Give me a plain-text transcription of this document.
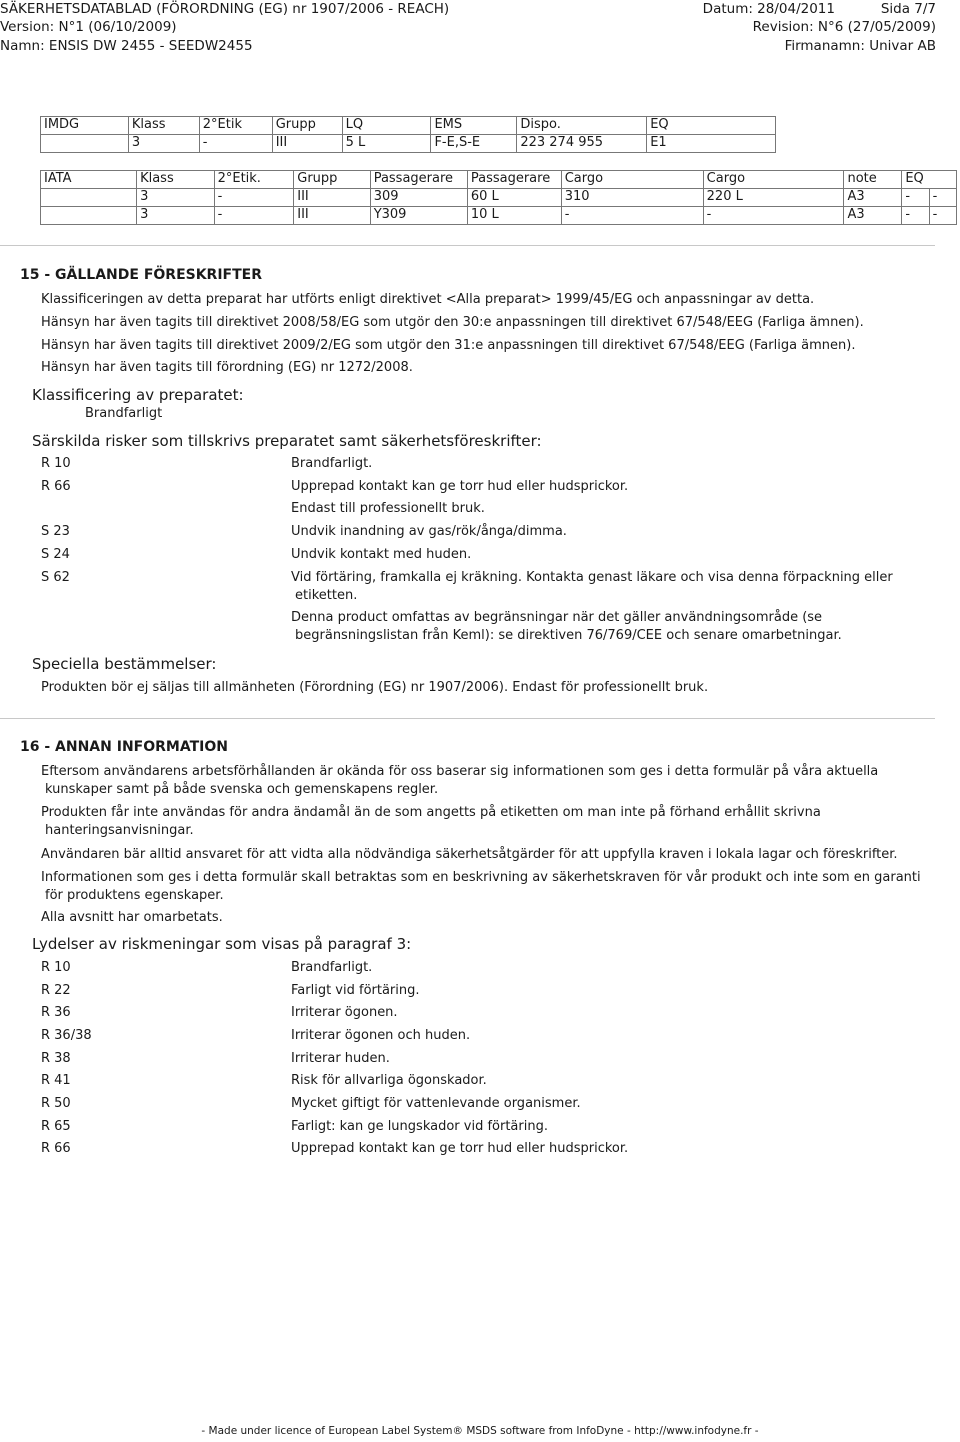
SÄKERHETSDATABLAD (FÖRORDNING (EG) nr 1907/2006 - REACH)	Datum: 28/04/2011	Sida 7/7
Version: N°1 (06/10/2009)	Revision: N°6 (27/05/2009)
Namn: ENSIS DW 2455 - SEEDW2455	Firmanamn: Univar AB
IMDG	Klass	2°Etik	Grupp	LQ	EMS	Dispo.	EQ
	3	-	III	5 L	F-E,S-E	223 274 955	E1
IATA	Klass	2°Etik.	Grupp	Passagerare	Passagerare	Cargo	Cargo	note	EQ	
	3	-	III	309	60 L	310	220 L	A3	-	-
	3	-	III	Y309	10 L	-	-	A3	-	-
15 - GÄLLANDE FÖRESKRIFTER
Klassificeringen av detta preparat har utförts enligt direktivet <Alla preparat> 1999/45/EG och anpassningar av detta.
Hänsyn har även tagits till direktivet 2008/58/EG som utgör den 30:e anpassningen till direktivet 67/548/EEG (Farliga ämnen).
Hänsyn har även tagits till direktivet 2009/2/EG som utgör den 31:e anpassningen till direktivet 67/548/EEG (Farliga ämnen).
Hänsyn har även tagits till förordning (EG) nr 1272/2008.
Klassificering av preparatet:
Brandfarligt
Särskilda risker som tillskrivs preparatet samt säkerhetsföreskrifter:
R 10	Brandfarligt.
R 66	Upprepad kontakt kan ge torr hud eller hudsprickor.
Endast till professionellt bruk.
S 23	Undvik inandning av gas/rök/ånga/dimma.
S 24	Undvik kontakt med huden.
S 62	Vid förtäring, framkalla ej kräkning. Kontakta genast läkare och visa denna förpackning eller
etiketten.
Denna product omfattas av begränsningar när det gäller användningsområde (se
begränsningslistan från Keml): se direktiven 76/769/CEE och senare omarbetningar.
Speciella bestämmelser:
Produkten bör ej säljas till allmänheten (Förordning (EG) nr 1907/2006). Endast för professionellt bruk.
16 - ANNAN INFORMATION
Eftersom användarens arbetsförhållanden är okända för oss baserar sig informationen som ges i detta formulär på våra aktuella
kunskaper samt på både svenska och gemenskapens regler.
Produkten får inte användas för andra ändamål än de som angetts på etiketten om man inte på förhand erhållit skrivna
hanteringsanvisningar.
Användaren bär alltid ansvaret för att vidta alla nödvändiga säkerhetsåtgärder för att uppfylla kraven i lokala lagar och föreskrifter.
Informationen som ges i detta formulär skall betraktas som en beskrivning av säkerhetskraven för vår produkt och inte som en garanti
för produktens egenskaper.
Alla avsnitt har omarbetats.
Lydelser av riskmeningar som visas på paragraf 3:
R 10	Brandfarligt.
R 22	Farligt vid förtäring.
R 36	Irriterar ögonen.
R 36/38	Irriterar ögonen och huden.
R 38	Irriterar huden.
R 41	Risk för allvarliga ögonskador.
R 50	Mycket giftigt för vattenlevande organismer.
R 65	Farligt: kan ge lungskador vid förtäring.
R 66	Upprepad kontakt kan ge torr hud eller hudsprickor.
- Made under licence of European Label System® MSDS software from InfoDyne - http://www.infodyne.fr -
